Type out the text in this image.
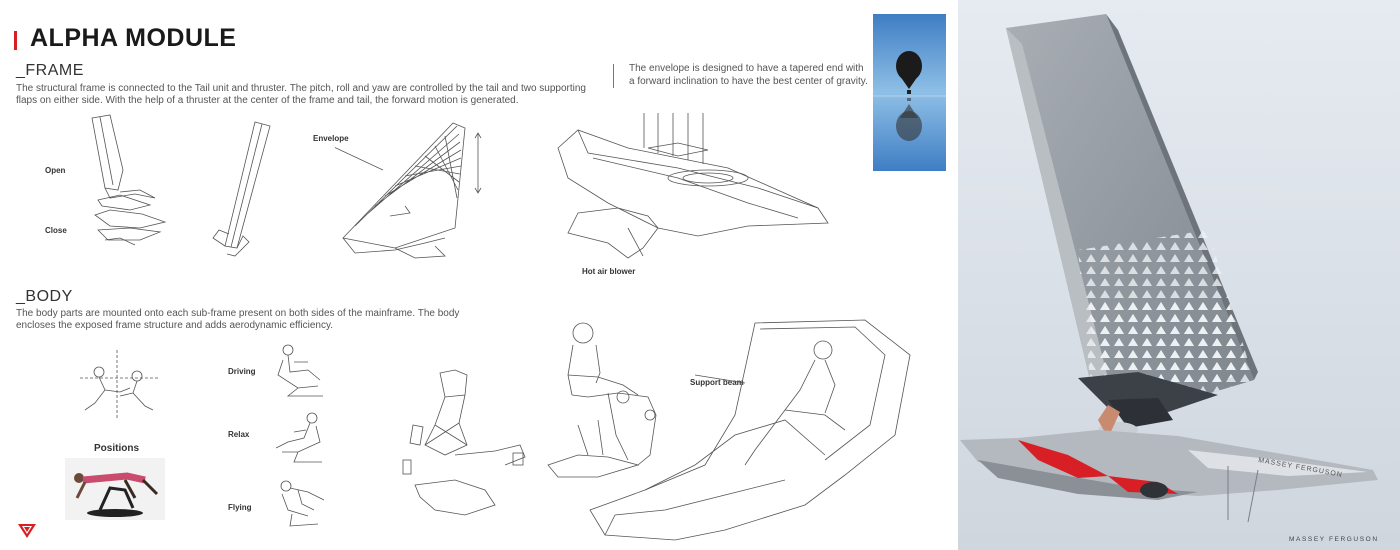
ALPHA MODULE
_FRAME
The structural frame is connected to the Tail unit and thruster. The pitch, roll and yaw are controlled by the tail and two supporting flaps on either side. With the help of a thruster at the center of the frame and tail, the forward motion is generated.
The envelope is designed to have a tapered end with a forward inclination to have the best center of gravity.
Open
Close
Envelope
Hot air blower
_BODY
The body parts are mounted onto each sub-frame present on both sides of the mainframe. The body encloses the exposed frame structure and adds aerodynamic efficiency.
Positions
Driving
Relax
Flying
Support beam
MASSEY FERGUSON
MASSEY FERGUSON
